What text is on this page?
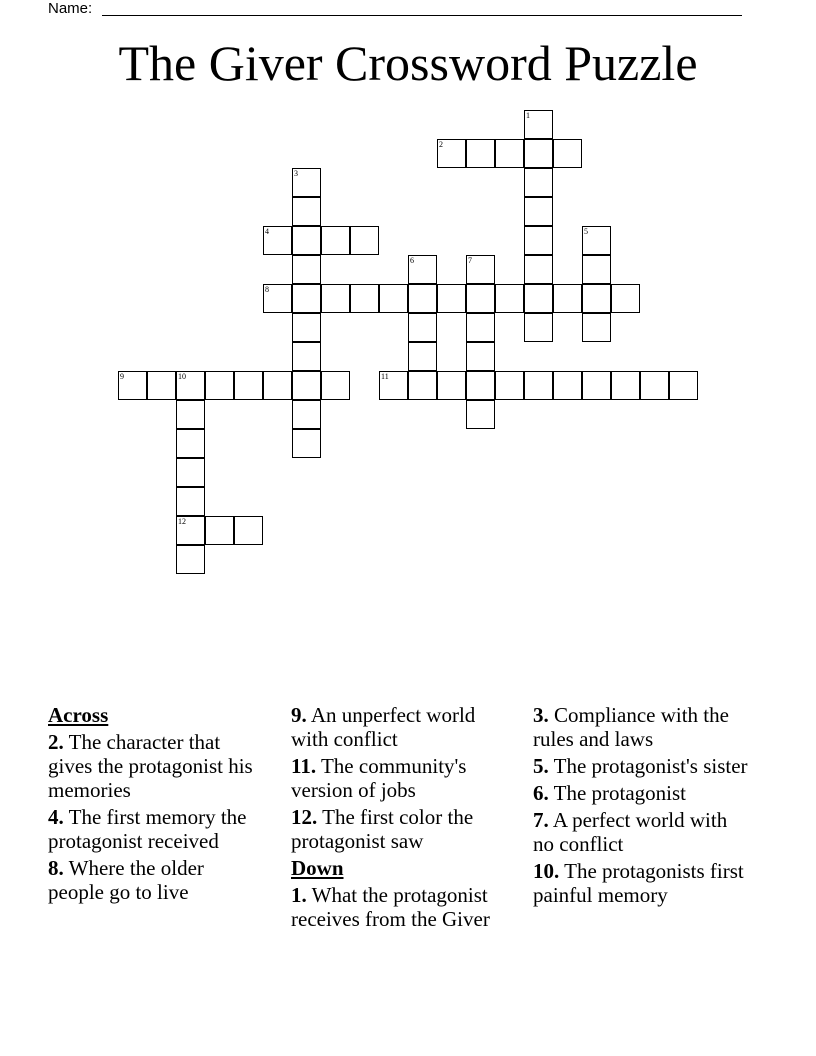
Name:
The Giver Crossword Puzzle
1
2
3
4	5
6	7
8
9	10	11
12
Across
2. The character that gives the protagonist his memories
4. The first memory the protagonist received
8. Where the older people go to live
9. An unperfect world with conflict
11. The community's version of jobs
12. The first color the protagonist saw
Down
1. What the protagonist receives from the Giver
3. Compliance with the rules and laws
5. The protagonist's sister
6. The protagonist
7. A perfect world with no conflict
10. The protagonists first painful memory
